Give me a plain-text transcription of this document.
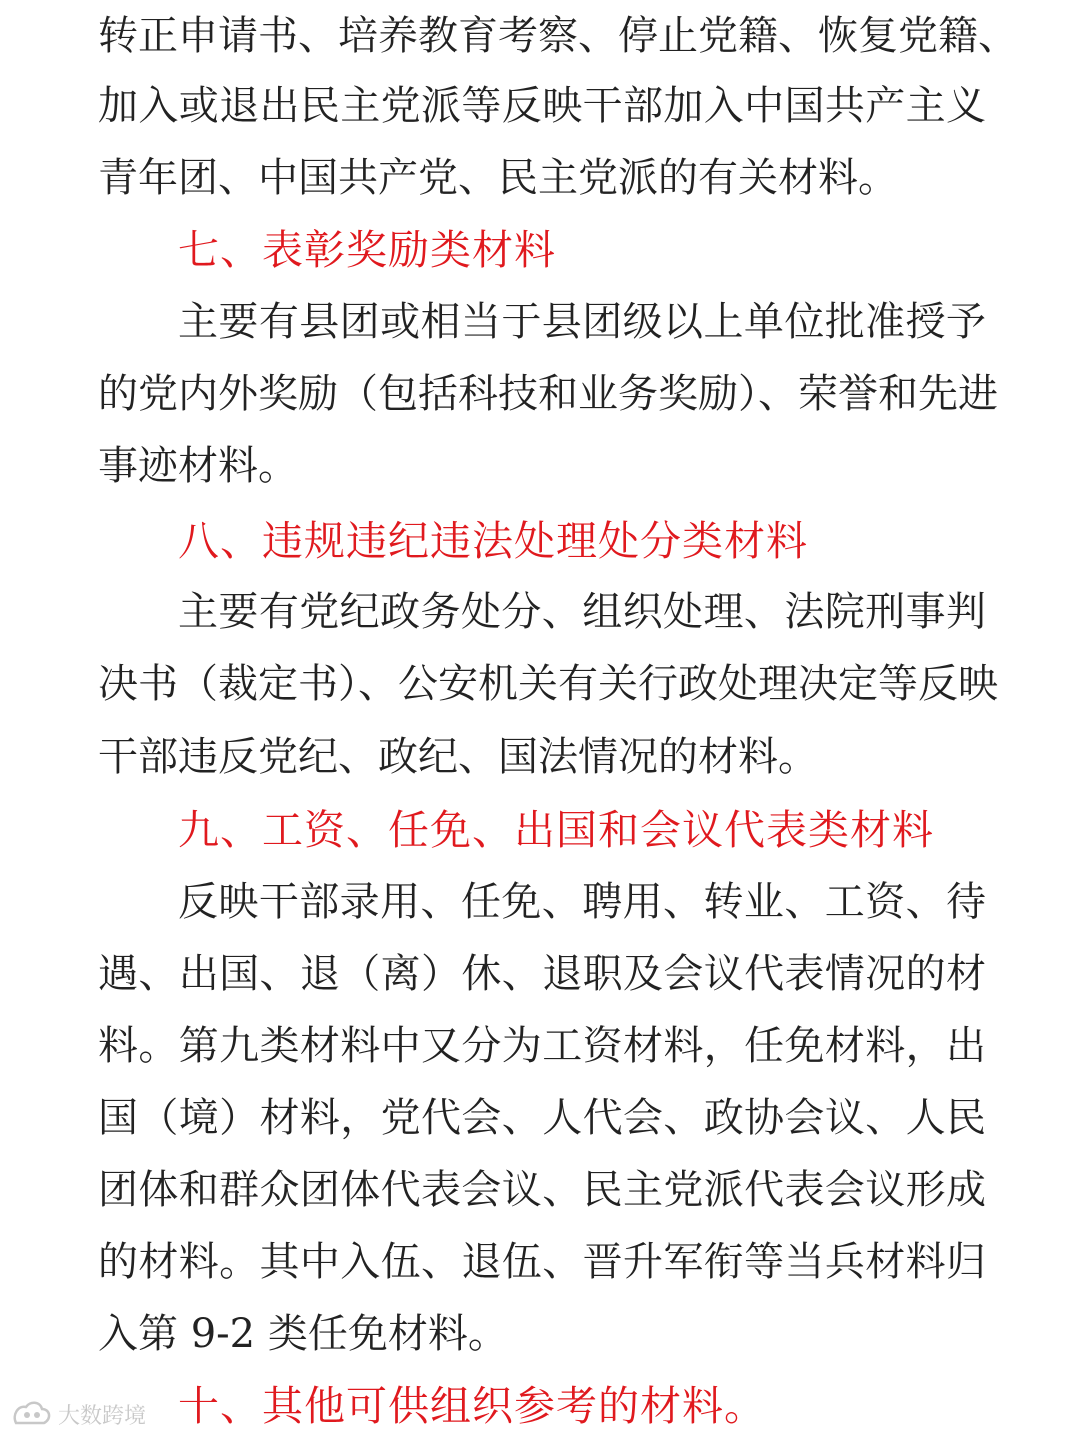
转正申请书、培养教育考察、停止党籍、恢复党籍、
加入或退出民主党派等反映干部加入中国共产主义
青年团、中国共产党、民主党派的有关材料。
七、表彰奖励类材料
主要有县团或相当于县团级以上单位批准授予
的党内外奖励（包括科技和业务奖励）、荣誉和先进
事迹材料。
八、违规违纪违法处理处分类材料
主要有党纪政务处分、组织处理、法院刑事判
决书（裁定书）、公安机关有关行政处理决定等反映
干部违反党纪、政纪、国法情况的材料。
九、工资、任免、出国和会议代表类材料
反映干部录用、任免、聘用、转业、工资、待
遇、出国、退（离）休、退职及会议代表情况的材
料。第九类材料中又分为工资材料，任免材料，出
国（境）材料，党代会、人代会、政协会议、人民
团体和群众团体代表会议、民主党派代表会议形成
的材料。其中入伍、退伍、晋升军衔等当兵材料归
入第 9-2 类任免材料。
十、其他可供组织参考的材料。
大数跨境
